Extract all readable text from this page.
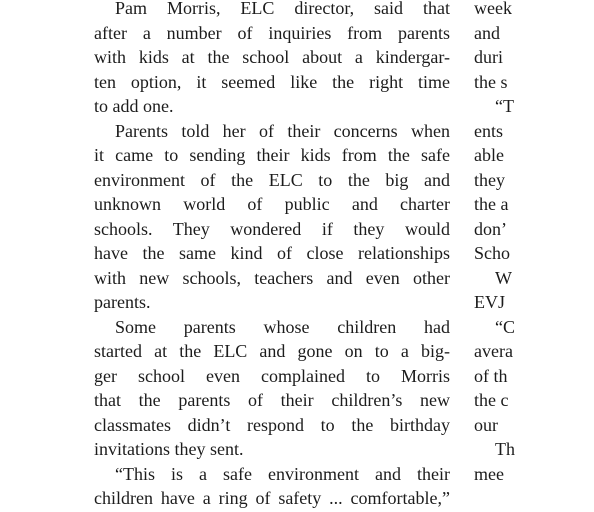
Pam Morris, ELC director, said that
after a number of inquiries from parents
with kids at the school about a kindergar-
ten option, it seemed like the right time
to add one.
Parents told her of their concerns when
it came to sending their kids from the safe
environment of the ELC to the big and
unknown world of public and charter
schools. They wondered if they would
have the same kind of close relationships
with new schools, teachers and even other
parents.
Some parents whose children had
started at the ELC and gone on to a big-
ger school even complained to Morris
that the parents of their children’s new
classmates didn’t respond to the birthday
invitations they sent.
“This is a safe environment and their
children have a ring of safety ... comfortable,”
week
and
duri
the s
“T
ents
able
they
the a
don’
Scho
W
EVJ
“C
avera
of th
the c
our
Th
mee
